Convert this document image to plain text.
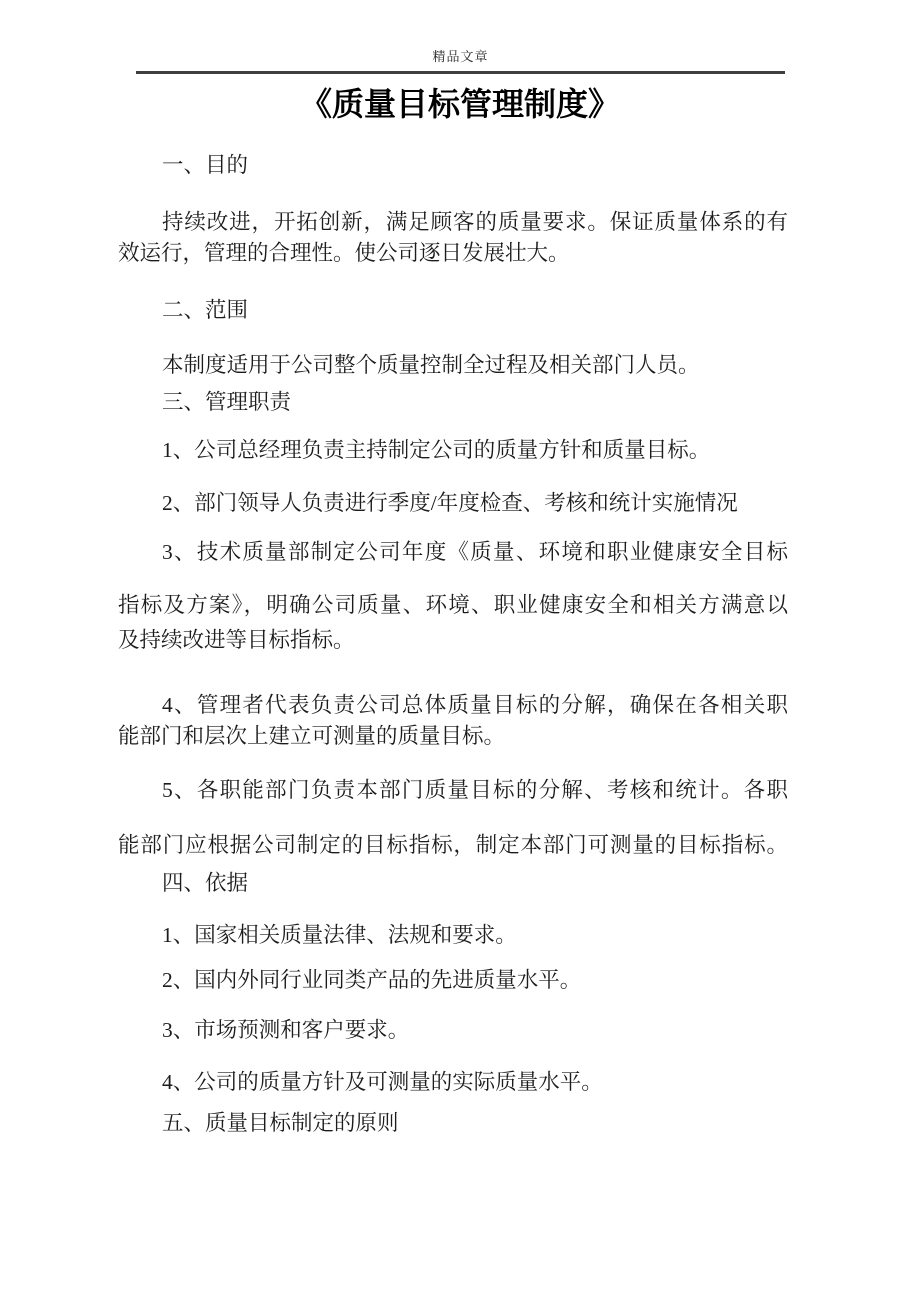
精品文章
《质量目标管理制度》
一、目的
持续改进，开拓创新，满足顾客的质量要求。保证质量体系的有
效运行，管理的合理性。使公司逐日发展壮大。
二、范围
本制度适用于公司整个质量控制全过程及相关部门人员。
三、管理职责
1、公司总经理负责主持制定公司的质量方针和质量目标。
2、部门领导人负责进行季度/年度检查、考核和统计实施情况
3、技术质量部制定公司年度《质量、环境和职业健康安全目标
指标及方案》，明确公司质量、环境、职业健康安全和相关方满意以
及持续改进等目标指标。
4、管理者代表负责公司总体质量目标的分解，确保在各相关职
能部门和层次上建立可测量的质量目标。
5、各职能部门负责本部门质量目标的分解、考核和统计。各职
能部门应根据公司制定的目标指标，制定本部门可测量的目标指标。
四、依据
1、国家相关质量法律、法规和要求。
2、国内外同行业同类产品的先进质量水平。
3、市场预测和客户要求。
4、公司的质量方针及可测量的实际质量水平。
五、质量目标制定的原则
